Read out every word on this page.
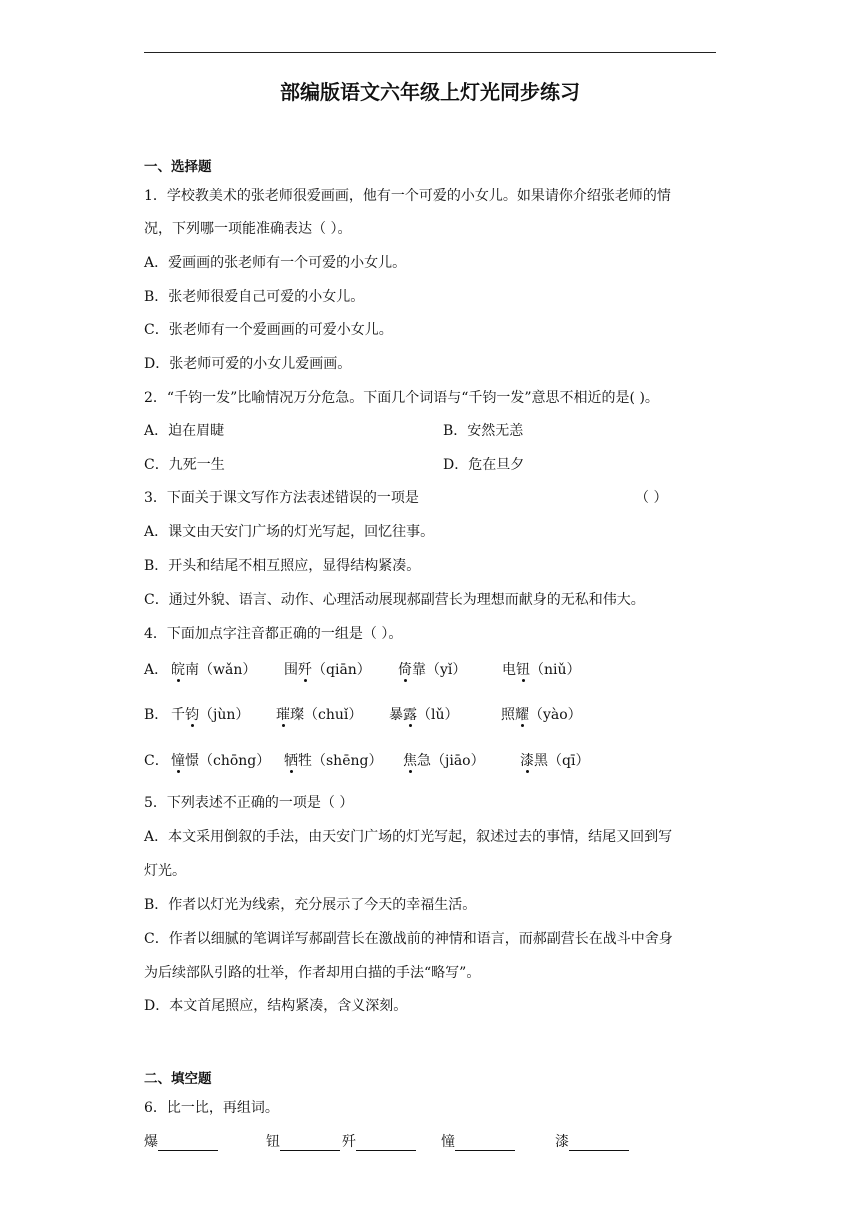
部编版语文六年级上灯光同步练习
一、选择题
1．学校教美术的张老师很爱画画，他有一个可爱的小女儿。如果请你介绍张老师的情
况，下列哪一项能准确表达（ ）。
A．爱画画的张老师有一个可爱的小女儿。
B．张老师很爱自己可爱的小女儿。
C．张老师有一个爱画画的可爱小女儿。
D．张老师可爱的小女儿爱画画。
2．“千钧一发”比喻情况万分危急。下面几个词语与“千钧一发”意思不相近的是( )。
A．迫在眉睫	B．安然无恙
C．九死一生	D．危在旦夕
3．下面关于课文写作方法表述错误的一项是	（ ）
A．课文由天安门广场的灯光写起，回忆往事。
B．开头和结尾不相互照应，显得结构紧凑。
C．通过外貌、语言、动作、心理活动展现郝副营长为理想而献身的无私和伟大。
4．下面加点字注音都正确的一组是（ ）。
A． 皖南（wǎn） 围歼（qiān） 倚靠（yǐ）	电钮（niǔ）
B． 千钧（jùn） 璀璨（chuǐ） 暴露（lǔ）	照耀（yào）
C． 憧憬（chōng） 牺牲（shēng） 焦急（jiāo）	漆黑（qī）
5．下列表述不正确的一项是（ ）
A．本文采用倒叙的手法，由天安门广场的灯光写起，叙述过去的事情，结尾又回到写
灯光。
B．作者以灯光为线索，充分展示了今天的幸福生活。
C．作者以细腻的笔调详写郝副营长在激战前的神情和语言，而郝副营长在战斗中舍身
为后续部队引路的壮举，作者却用白描的手法“略写”。
D．本文首尾照应，结构紧凑，含义深刻。
二、填空题
6．比一比，再组词。
爆	钮	歼	憧	漆
